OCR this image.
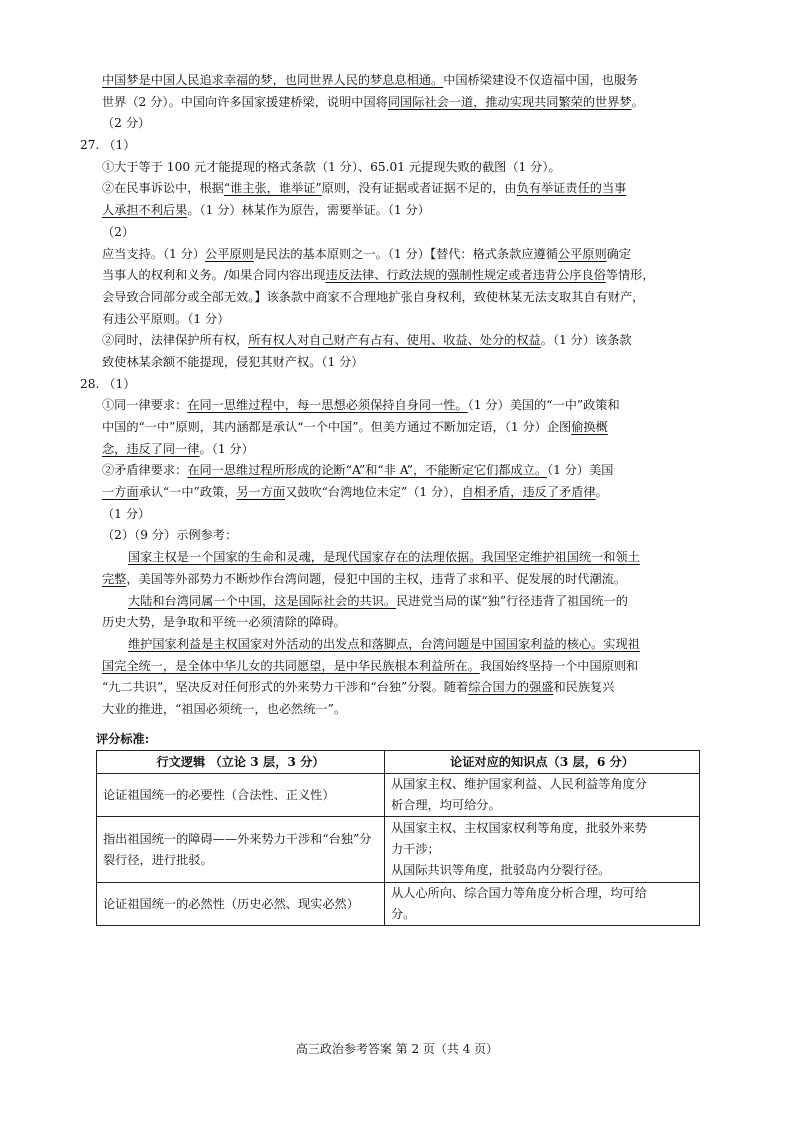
中国梦是中国人民追求幸福的梦，也同世界人民的梦息息相通。中国桥梁建设不仅造福中国，也服务
世界（2 分）。中国向许多国家援建桥梁，说明中国将同国际社会一道，推动实现共同繁荣的世界梦。
（2 分）
27. （1）
①大于等于 100 元才能提现的格式条款（1 分）、65.01 元提现失败的截图（1 分）。
②在民事诉讼中，根据“谁主张，谁举证”原则，没有证据或者证据不足的，由负有举证责任的当事
人承担不利后果。（1 分）林某作为原告，需要举证。（1 分）
（2）
应当支持。（1 分）公平原则是民法的基本原则之一。（1 分）【替代：格式条款应遵循公平原则确定
当事人的权利和义务。/如果合同内容出现违反法律、行政法规的强制性规定或者违背公序良俗等情形，
会导致合同部分或全部无效。】该条款中商家不合理地扩张自身权利，致使林某无法支取其自有财产，
有违公平原则。（1 分）
②同时，法律保护所有权，所有权人对自己财产有占有、使用、收益、处分的权益。（1 分）该条款
致使林某余额不能提现，侵犯其财产权。（1 分）
28. （1）
①同一律要求：在同一思维过程中，每一思想必须保持自身同一性。（1 分）美国的“一中”政策和
中国的“一中”原则，其内涵都是承认“一个中国”。但美方通过不断加定语，（1 分）企图偷换概
念，违反了同一律。（1 分）
②矛盾律要求：在同一思维过程所形成的论断“A”和“非 A”，不能断定它们都成立。（1 分）美国
一方面承认“一中”政策，另一方面又鼓吹“台湾地位未定”（1 分），自相矛盾，违反了矛盾律。
（1 分）
（2）（9 分）示例参考：
国家主权是一个国家的生命和灵魂，是现代国家存在的法理依据。我国坚定维护祖国统一和领土
完整，美国等外部势力不断炒作台湾问题，侵犯中国的主权，违背了求和平、促发展的时代潮流。
大陆和台湾同属一个中国，这是国际社会的共识。民进党当局的谋“独”行径违背了祖国统一的
历史大势，是争取和平统一必须清除的障碍。
维护国家利益是主权国家对外活动的出发点和落脚点，台湾问题是中国国家利益的核心。实现祖
国完全统一，是全体中华儿女的共同愿望，是中华民族根本利益所在。我国始终坚持一个中国原则和
“九二共识”，坚决反对任何形式的外来势力干涉和“台独”分裂。随着综合国力的强盛和民族复兴
大业的推进，“祖国必须统一，也必然统一”。
评分标准:
行文逻辑 （立论 3 层，3 分）	论证对应的知识点（3 层，6 分）
论证祖国统一的必要性（合法性、正义性）	从国家主权、维护国家利益、人民利益等角度分
析合理，均可给分。

指出祖国统一的障碍——外来势力干涉和“台独”分裂行径，进行批驳。	从国家主权、主权国家权利等角度，批驳外来势
力干涉；
从国际共识等角度，批驳岛内分裂行径。

论证祖国统一的必然性（历史必然、现实必然）	从人心所向、综合国力等角度分析合理，均可给
分。
高三政治参考答案 第 2 页（共 4 页）
